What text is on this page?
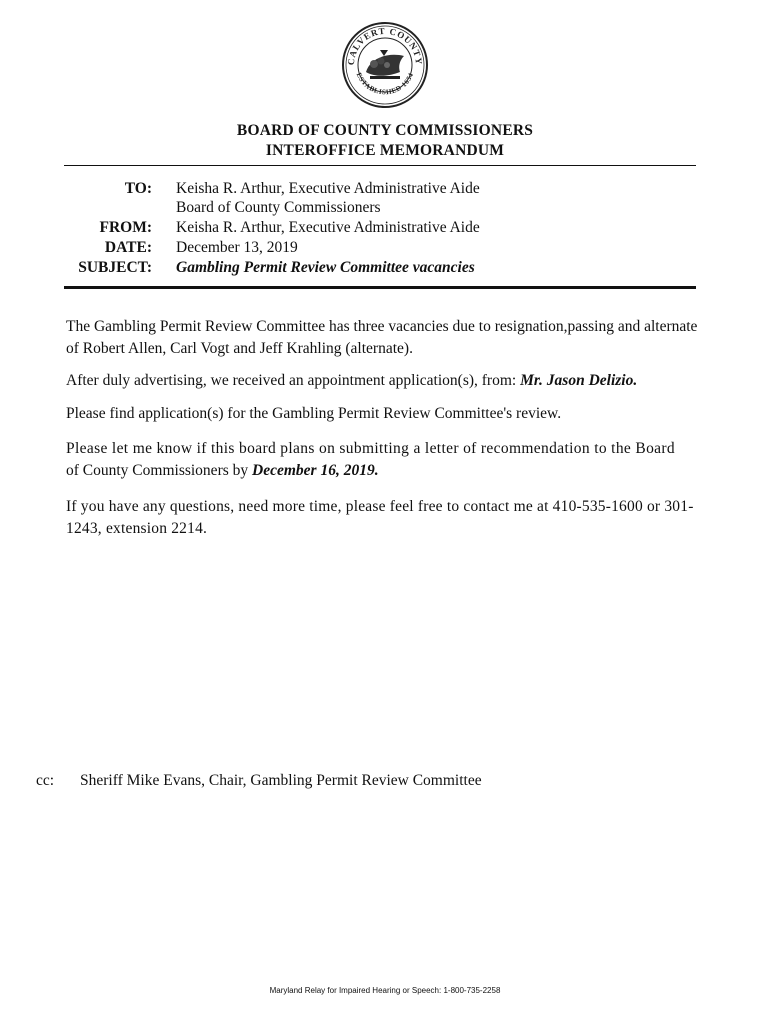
CALVERT COUNTY
ESTABLISHED 1654
BOARD OF COUNTY COMMISSIONERS
INTEROFFICE MEMORANDUM
TO: Keisha R. Arthur, Executive Administrative Aide
Board of County Commissioners
FROM: Keisha R. Arthur, Executive Administrative Aide
DATE: December 13, 2019
SUBJECT: Gambling Permit Review Committee vacancies
The Gambling Permit Review Committee has three vacancies due to resignation,passing and alternate
of Robert Allen, Carl Vogt and Jeff Krahling (alternate).
After duly advertising, we received an appointment application(s), from: Mr. Jason Delizio.
Please find application(s) for the Gambling Permit Review Committee's review.
Please let me know if this board plans on submitting a letter of recommendation to the Board
of County Commissioners by December 16, 2019.
If you have any questions, need more time, please feel free to contact me at 410-535-1600 or 301-
1243, extension 2214.
cc: Sheriff Mike Evans, Chair, Gambling Permit Review Committee
Maryland Relay for Impaired Hearing or Speech: 1-800-735-2258
